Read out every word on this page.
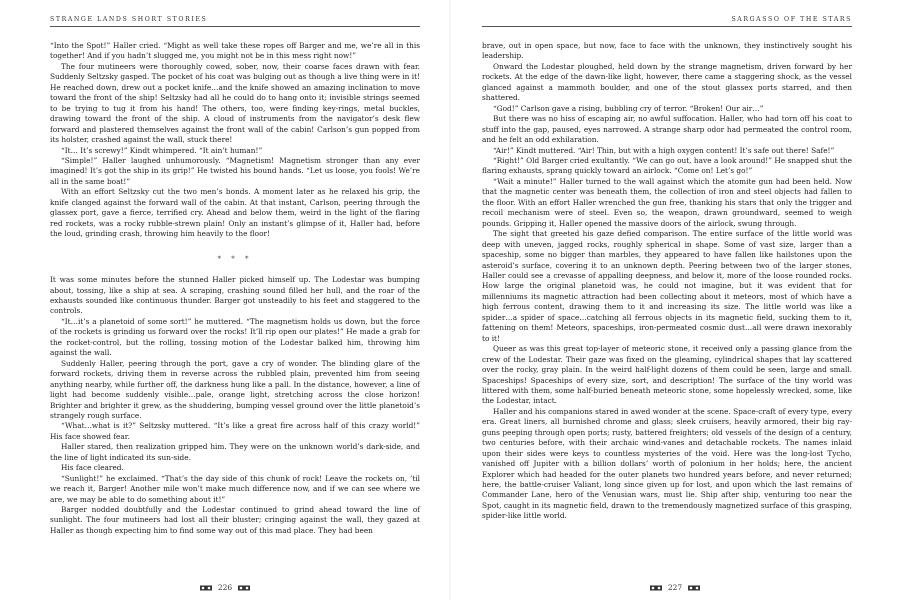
STRANGE LANDS SHORT STORIES

“Into the Spot!” Haller cried. “Might as well take these ropes off Barger and me, we’re all in this together! And if you hadn’t slugged me, you might not be in this mess right now!”

The four mutineers were thoroughly cowed, sober, now, their coarse faces drawn with fear. Suddenly Seltzsky gasped. The pocket of his coat was bulging out as though a live thing were in it! He reached down, drew out a pocket knife…and the knife showed an amazing inclination to move toward the front of the ship! Seltzsky had all he could do to hang onto it; invisible strings seemed to be trying to tug it from his hand! The others, too, were finding key-rings, metal buckles, drawing toward the front of the ship. A cloud of instruments from the navigator’s desk flew forward and plastered themselves against the front wall of the cabin! Carlson’s gun popped from its holster, crashed against the wall, stuck there!

“It… It’s screwy!” Kindt whimpered. “It ain’t human!”

“Simple!” Haller laughed unhumorously. “Magnetism! Magnetism stronger than any ever imagined! It’s got the ship in its grip!” He twisted his bound hands. “Let us loose, you fools! We’re all in the same boat!”

With an effort Seltzsky cut the two men’s bonds. A moment later as he relaxed his grip, the knife clanged against the forward wall of the cabin. At that instant, Carlson, peering through the glassex port, gave a fierce, terrified cry. Ahead and below them, weird in the light of the flaring red rockets, was a rocky rubble-strewn plain! Only an instant’s glimpse of it, Haller had, before the loud, grinding crash, throwing him heavily to the floor!

* * *

It was some minutes before the stunned Haller picked himself up. The Lodestar was bumping about, tossing, like a ship at sea. A scraping, crashing sound filled her hull, and the roar of the exhausts sounded like continuous thunder. Barger got unsteadily to his feet and staggered to the controls.

“It…it’s a planetoid of some sort!” he muttered. “The magnetism holds us down, but the force of the rockets is grinding us forward over the rocks! It’ll rip open our plates!” He made a grab for the rocket-control, but the rolling, tossing motion of the Lodestar balked him, throwing him against the wall.

Suddenly Haller, peering through the port, gave a cry of wonder. The blinding glare of the forward rockets, driving them in reverse across the rubbled plain, prevented him from seeing anything nearby, while further off, the darkness hung like a pall. In the distance, however, a line of light had become suddenly visible…pale, orange light, stretching across the close horizon! Brighter and brighter it grew, as the shuddering, bumping vessel ground over the little planetoid’s strangely rough surface.

“What…what is it?” Seltzsky muttered. “It’s like a great fire across half of this crazy world!” His face showed fear.

Haller stared, then realization gripped him. They were on the unknown world’s dark-side, and the line of light indicated its sun-side.

His face cleared.

“Sunlight!” he exclaimed. “That’s the day side of this chunk of rock! Leave the rockets on, ’til we reach it, Barger! Another mile won’t make much difference now, and if we can see where we are, we may be able to do something about it!”

Barger nodded doubtfully and the Lodestar continued to grind ahead toward the line of sunlight. The four mutineers had lost all their bluster; cringing against the wall, they gazed at Haller as though expecting him to find some way out of this mad place. They had been

226
SARGASSO OF THE STARS

brave, out in open space, but now, face to face with the unknown, they instinctively sought his leadership.

Onward the Lodestar ploughed, held down by the strange magnetism, driven forward by her rockets. At the edge of the dawn-like light, however, there came a staggering shock, as the vessel glanced against a mammoth boulder, and one of the stout glassex ports starred, and then shattered.

“God!” Carlson gave a rising, bubbling cry of terror. “Broken! Our air…”

But there was no hiss of escaping air, no awful suffocation. Haller, who had torn off his coat to stuff into the gap, paused, eyes narrowed. A strange sharp odor had permeated the control room, and he felt an odd exhilaration.

“Air!” Kindt muttered. “Air! Thin, but with a high oxygen content! It’s safe out there! Safe!”

“Right!” Old Barger cried exultantly. “We can go out, have a look around!” He snapped shut the flaring exhausts, sprang quickly toward an airlock. “Come on! Let’s go!”

“Wait a minute!” Haller turned to the wall against which the atomite gun had been held. Now that the magnetic center was beneath them, the collection of iron and steel objects had fallen to the floor. With an effort Haller wrenched the gun free, thanking his stars that only the trigger and recoil mechanism were of steel. Even so, the weapon, drawn groundward, seemed to weigh pounds. Gripping it, Haller opened the massive doors of the airlock, swung through.

The sight that greeted his gaze defied comparison. The entire surface of the little world was deep with uneven, jagged rocks, roughly spherical in shape. Some of vast size, larger than a spaceship, some no bigger than marbles, they appeared to have fallen like hailstones upon the asteroid’s surface, covering it to an unknown depth. Peering between two of the larger stones, Haller could see a crevasse of appalling deepness, and below it, more of the loose rounded rocks. How large the original planetoid was, he could not imagine, but it was evident that for millenniums its magnetic attraction had been collecting about it meteors, most of which have a high ferrous content, drawing them to it and increasing its size. The little world was like a spider…a spider of space…catching all ferrous objects in its magnetic field, sucking them to it, fattening on them! Meteors, spaceships, iron-permeated cosmic dust…all were drawn inexorably to it!

Queer as was this great top-layer of meteoric stone, it received only a passing glance from the crew of the Lodestar. Their gaze was fixed on the gleaming, cylindrical shapes that lay scattered over the rocky, gray plain. In the weird half-light dozens of them could be seen, large and small. Spaceships! Spaceships of every size, sort, and description! The surface of the tiny world was littered with them, some half-buried beneath meteoric stone, some hopelessly wrecked, some, like the Lodestar, intact.

Haller and his companions stared in awed wonder at the scene. Space-craft of every type, every era. Great liners, all burnished chrome and glass; sleek cruisers, heavily armored, their big ray-guns peeping through open ports; rusty, battered freighters; old vessels of the design of a century, two centuries before, with their archaic wind-vanes and detachable rockets. The names inlaid upon their sides were keys to countless mysteries of the void. Here was the long-lost Tycho, vanished off Jupiter with a billion dollars’ worth of polonium in her holds; here, the ancient Explorer which had headed for the outer planets two hundred years before, and never returned; here, the battle-cruiser Valiant, long since given up for lost, and upon which the last remains of Commander Lane, hero of the Venusian wars, must lie. Ship after ship, venturing too near the Spot, caught in its magnetic field, drawn to the tremendously magnetized surface of this grasping, spider-like little world.

227
